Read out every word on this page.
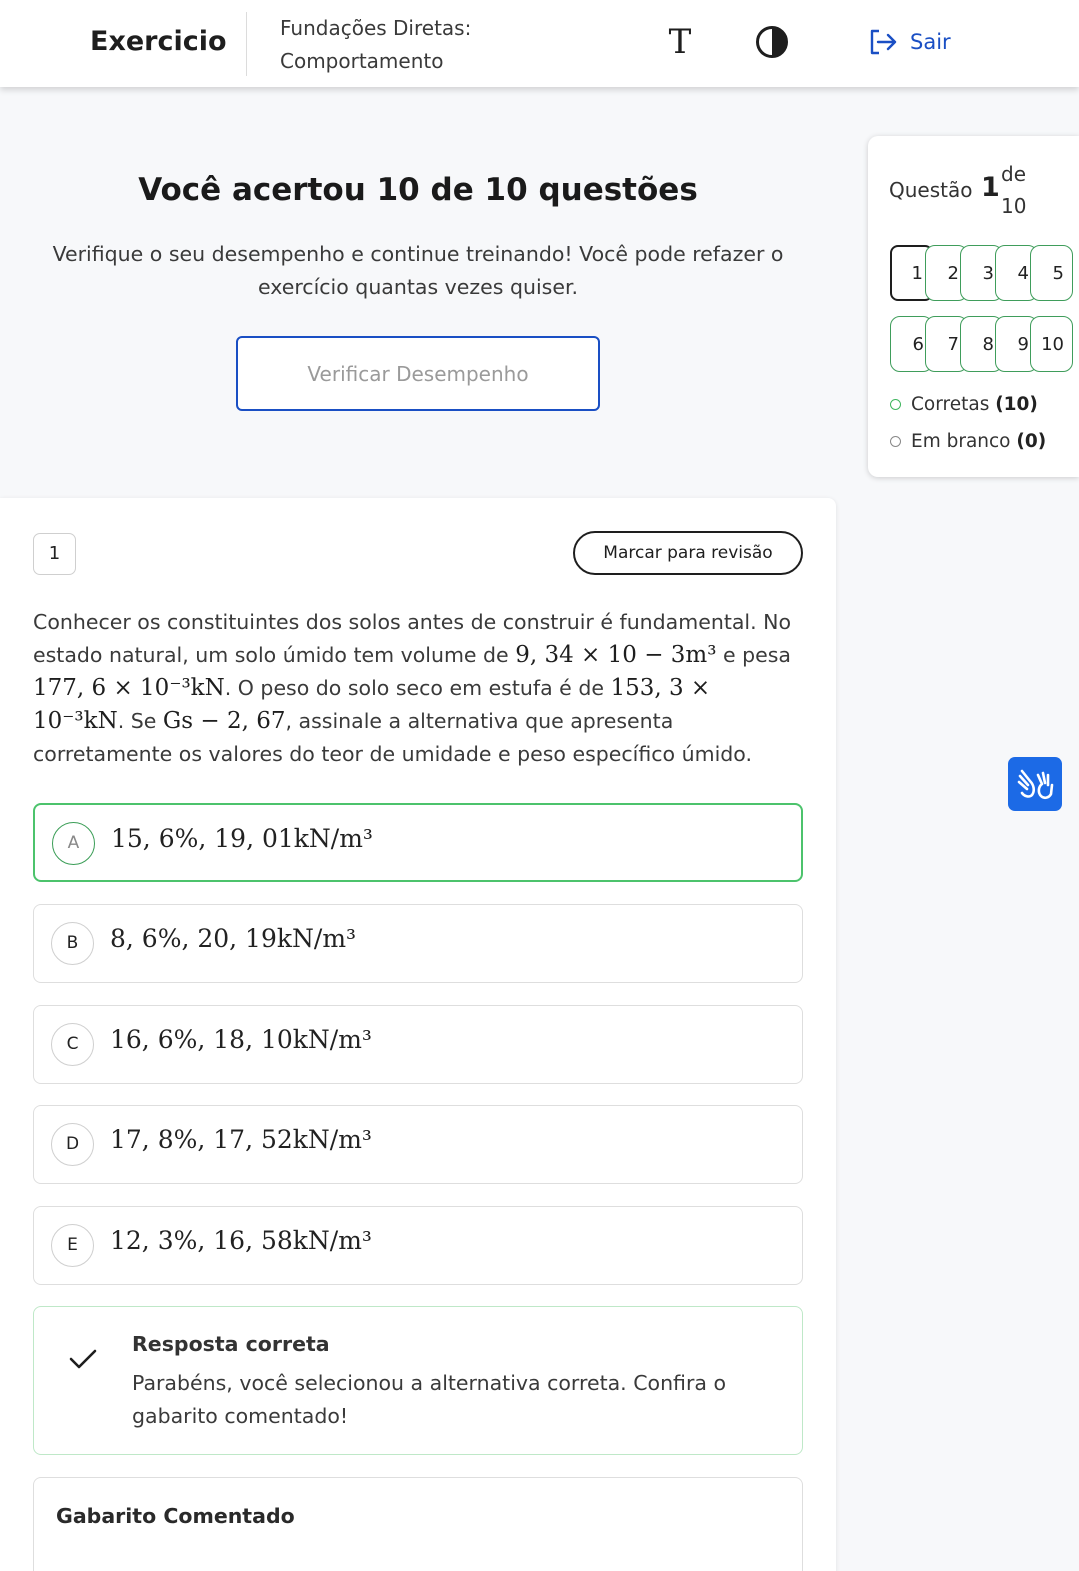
Exercicio	Fundações Diretas: Comportamento	T	Sair
Você acertou 10 de 10 questões
Verifique o seu desempenho e continue treinando! Você pode refazer o exercício quantas vezes quiser.
Verificar Desempenho
Questão 1 de 10
1	2	3	4	5
6	7	8	9 10
Corretas (10)
Em branco (0)
1	Marcar para revisão
Conhecer os constituintes dos solos antes de construir é fundamental. No estado natural, um solo úmido tem volume de 9, 34 × 10 − 3m³ e pesa 177, 6 × 10⁻³kN. O peso do solo seco em estufa é de 153, 3 × 10⁻³kN. Se Gs − 2, 67, assinale a alternativa que apresenta corretamente os valores do teor de umidade e peso específico úmido.
A	15, 6%, 19, 01kN/m³
B	8, 6%, 20, 19kN/m³
C	16, 6%, 18, 10kN/m³
D	17, 8%, 17, 52kN/m³
E	12, 3%, 16, 58kN/m³
Resposta correta
Parabéns, você selecionou a alternativa correta. Confira o gabarito comentado!
Gabarito Comentado
